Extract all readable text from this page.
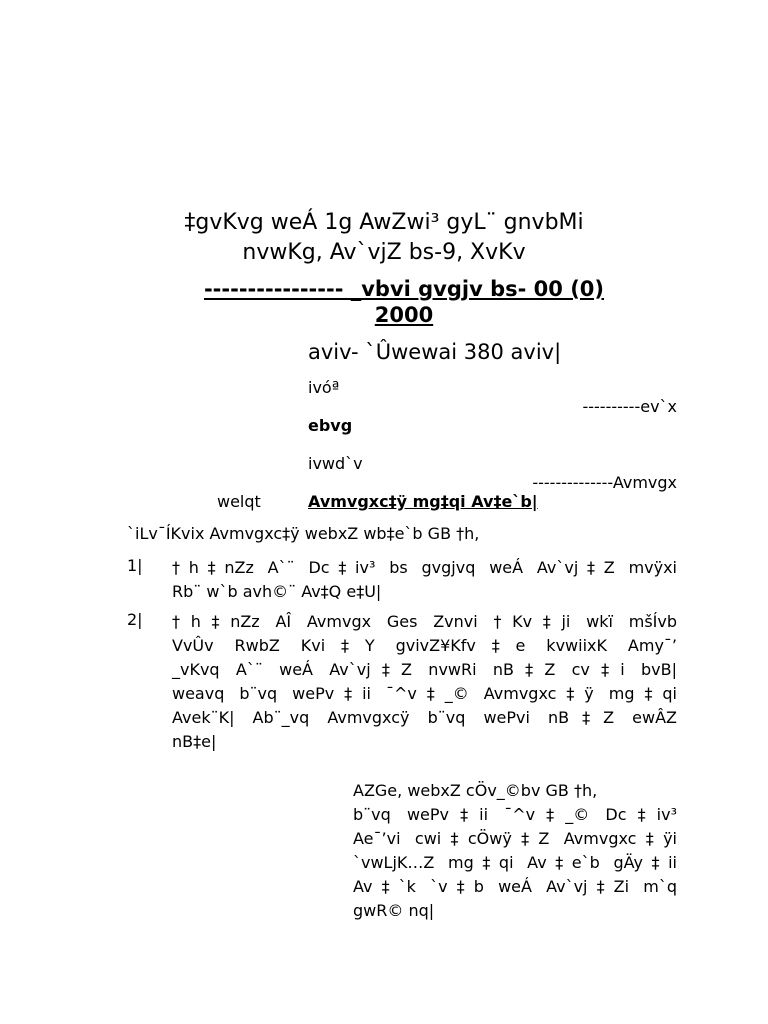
‡gvKvg weÁ 1g AwZwi³ gyL¨ gnvbMi
nvwKg, Av`vjZ bs-9, XvKv
---------------- _vbvi gvgjv bs- 00 (0)
2000
aviv- `Ûwewai 380 aviv|
ivóª
----------ev`x
ebvg
ivwd`v
--------------Avmvgx
welqt	Avmvgxc‡ÿ mg‡qi Av‡e`b|
`iLv¯ÍKvix Avmvgxc‡ÿ webxZ wb‡e`b GB †h,
1| †h‡nZz A`¨ Dc‡iv³ bs gvgjvq weÁ Av`vj‡Z mvÿxi
Rb¨ w`b avh©¨ Av‡Q e‡U|
2| †h‡nZz AÎ Avmvgx Ges Zvnvi †Kv‡ji wkï mšÍvb
VvÛv RwbZ Kvi‡Y gvivZ¥Kfv‡e kvwiixK Amy¯’
_vKvq A`¨ weÁ Av`vj‡Z nvwRi nB‡Z cv‡i bvB|
weavq b¨vq wePv‡ii ¯^v‡_© Avmvgxc‡ÿ mg‡qi
Avek¨K| Ab¨_vq Avmvgxcÿ b¨vq wePvi nB‡Z ewÂZ
nB‡e|
AZGe, webxZ cÖv_©bv GB †h,
b¨vq wePv‡ii ¯^v‡_© Dc‡iv³
Ae¯’vi cwi‡cÖwÿ‡Z Avmvgxc‡ÿi
`vwLjK…Z mg‡qi Av‡e`b gÄy‡ii
Av‡`k `v‡b weÁ Av`vj‡Zi m`q
gwR© nq|
